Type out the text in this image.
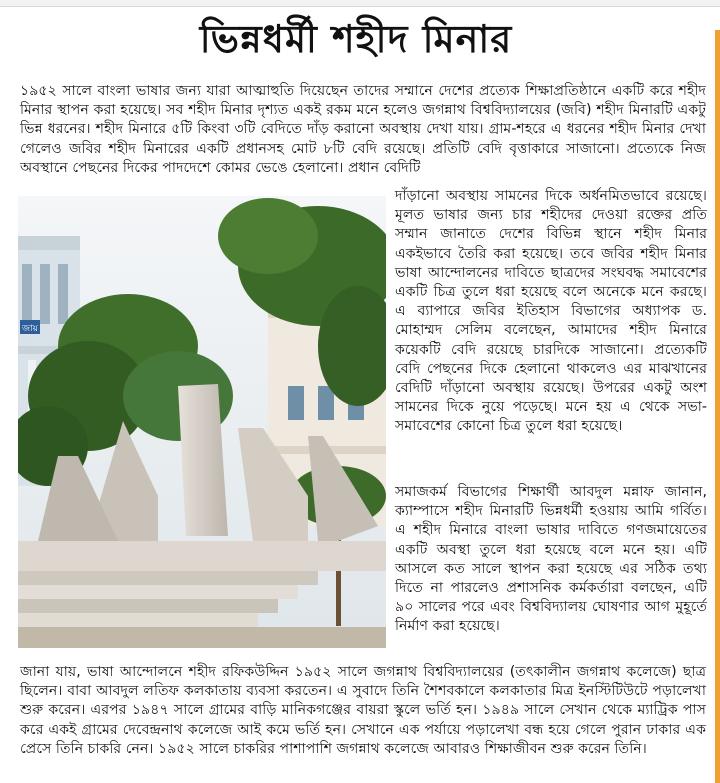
ভিন্নধর্মী শহীদ মিনার

১৯৫২ সালে বাংলা ভাষার জন্য যারা আত্মাহুতি দিয়েছেন তাদের সম্মানে দেশের প্রত্যেক শিক্ষাপ্রতিষ্ঠানে একটি করে শহীদ মিনার স্থাপন করা হয়েছে। সব শহীদ মিনার দৃশ্যত একই রকম মনে হলেও জগন্নাথ বিশ্ববিদ্যালয়ের (জবি) শহীদ মিনারটি একটু ভিন্ন ধরনের। শহীদ মিনারে ৫টি কিংবা ৩টি বেদিতে দাঁড় করানো অবস্থায় দেখা যায়। গ্রাম-শহরে এ ধরনের শহীদ মিনার দেখা গেলেও জবির শহীদ মিনারের একটি প্রধানসহ মোট ৮টি বেদি রয়েছে। প্রতিটি বেদি বৃত্তাকারে সাজানো। প্রত্যেকে নিজ অবস্থানে পেছনের দিকের পাদদেশে কোমর ভেঙে হেলানো। প্রধান বেদিটি

জায়

দাঁড়ানো অবস্থায় সামনের দিকে অর্ধনমিতভাবে রয়েছে। মূলত ভাষার জন্য চার শহীদের দেওয়া রক্তের প্রতি সম্মান জানাতে দেশের বিভিন্ন স্থানে শহীদ মিনার একইভাবে তৈরি করা হয়েছে। তবে জবির শহীদ মিনার ভাষা আন্দোলনের দাবিতে ছাত্রদের সংঘবদ্ধ সমাবেশের একটি চিত্র তুলে ধরা হয়েছে বলে অনেকে মনে করছে। এ ব্যাপারে জবির ইতিহাস বিভাগের অধ্যাপক ড. মোহাম্মদ সেলিম বলেছেন, আমাদের শহীদ মিনারে কয়েকটি বেদি রয়েছে চারদিকে সাজানো। প্রত্যেকটি বেদি পেছনের দিকে হেলানো থাকলেও এর মাঝখানের বেদিটি দাঁড়ানো অবস্থায় রয়েছে। উপরের একটু অংশ সামনের দিকে নুয়ে পড়েছে। মনে হয় এ থেকে সভা-সমাবেশের কোনো চিত্র তুলে ধরা হয়েছে।

সমাজকর্ম বিভাগের শিক্ষার্থী আবদুল মন্নাফ জানান, ক্যাম্পাসে শহীদ মিনারটি ভিন্নধর্মী হওয়ায় আমি গর্বিত। এ শহীদ মিনারে বাংলা ভাষার দাবিতে গণজমায়েতের একটি অবস্থা তুলে ধরা হয়েছে বলে মনে হয়। এটি আসলে কত সালে স্থাপন করা হয়েছে এর সঠিক তথ্য দিতে না পারলেও প্রশাসনিক কর্মকর্তারা বলছেন, এটি ৯০ সালের পরে এবং বিশ্ববিদ্যালয় ঘোষণার আগ মুহূর্তে নির্মাণ করা হয়েছে।

জানা যায়, ভাষা আন্দোলনে শহীদ রফিকউদ্দিন ১৯৫২ সালে জগন্নাথ বিশ্ববিদ্যালয়ের (তৎকালীন জগন্নাথ কলেজে) ছাত্র ছিলেন। বাবা আবদুল লতিফ কলকাতায় ব্যবসা করতেন। এ সুবাদে তিনি শৈশবকালে কলকাতার মিত্র ইনস্টিটিউটে পড়ালেখা শুরু করেন। এরপর ১৯৪৭ সালে গ্রামের বাড়ি মানিকগঞ্জের বায়রা স্কুলে ভর্তি হন। ১৯৪৯ সালে সেখান থেকে ম্যাট্রিক পাস করে একই গ্রামের দেবেন্দ্রনাথ কলেজে আই কমে ভর্তি হন। সেখানে এক পর্যায়ে পড়ালেখা বন্ধ হয়ে গেলে পুরান ঢাকার এক প্রেসে তিনি চাকরি নেন। ১৯৫২ সালে চাকরির পাশাপাশি জগন্নাথ কলেজে আবারও শিক্ষাজীবন শুরু করেন তিনি।
